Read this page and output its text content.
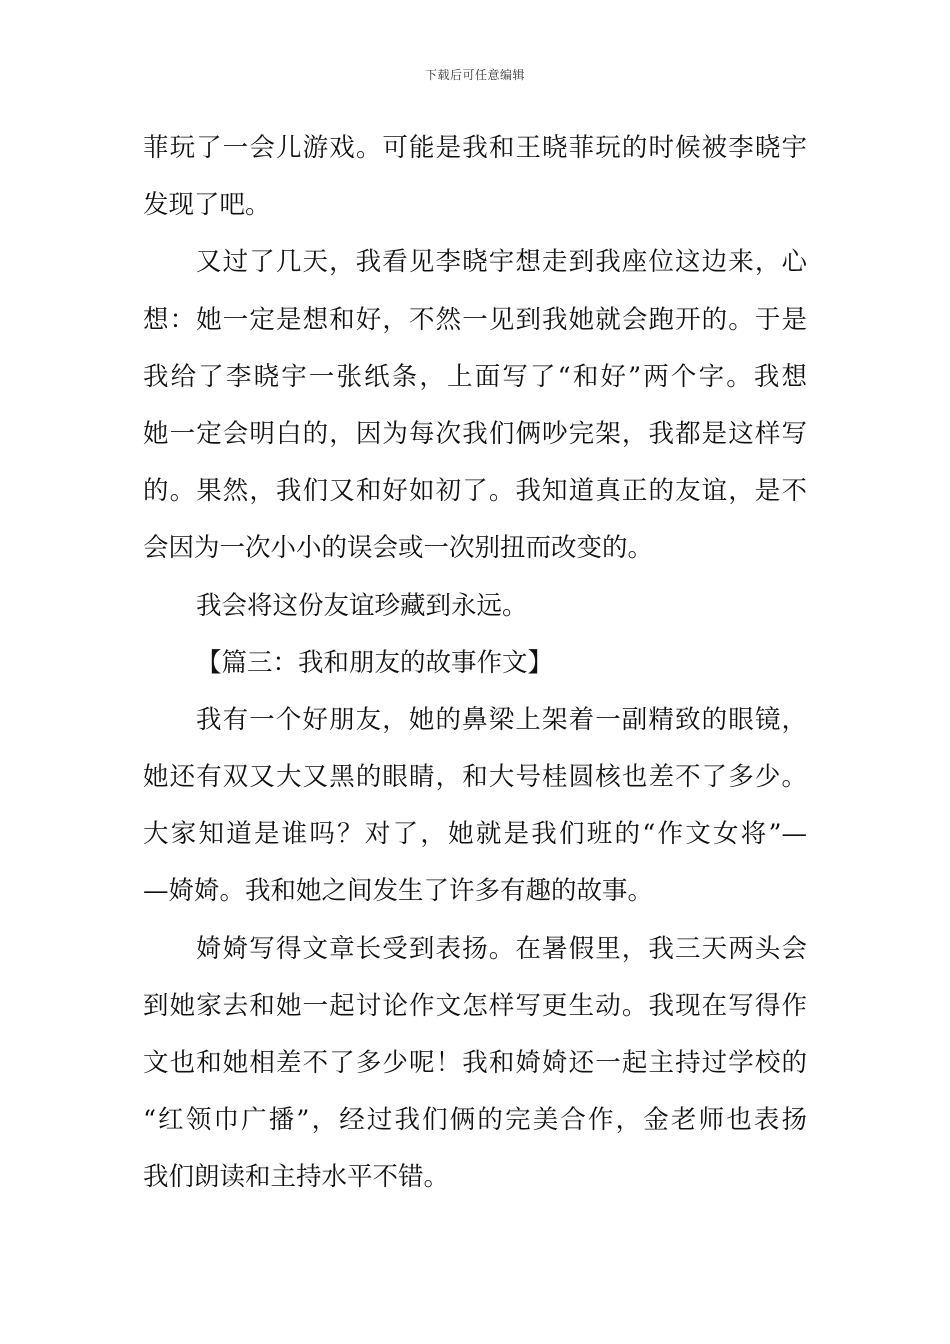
下载后可任意编辑
菲玩了一会儿游戏。可能是我和王晓菲玩的时候被李晓宇
发现了吧。
又过了几天，我看见李晓宇想走到我座位这边来，心
想：她一定是想和好，不然一见到我她就会跑开的。于是
我给了李晓宇一张纸条，上面写了“和好”两个字。我想
她一定会明白的，因为每次我们俩吵完架，我都是这样写
的。果然，我们又和好如初了。我知道真正的友谊，是不
会因为一次小小的误会或一次别扭而改变的。
我会将这份友谊珍藏到永远。
【篇三：我和朋友的故事作文】
我有一个好朋友，她的鼻梁上架着一副精致的眼镜，
她还有双又大又黑的眼睛，和大号桂圆核也差不了多少。
大家知道是谁吗？对了，她就是我们班的“作文女将”—
—婍婍。我和她之间发生了许多有趣的故事。
婍婍写得文章长受到表扬。在暑假里，我三天两头会
到她家去和她一起讨论作文怎样写更生动。我现在写得作
文也和她相差不了多少呢！我和婍婍还一起主持过学校的
“红领巾广播”，经过我们俩的完美合作，金老师也表扬
我们朗读和主持水平不错。
